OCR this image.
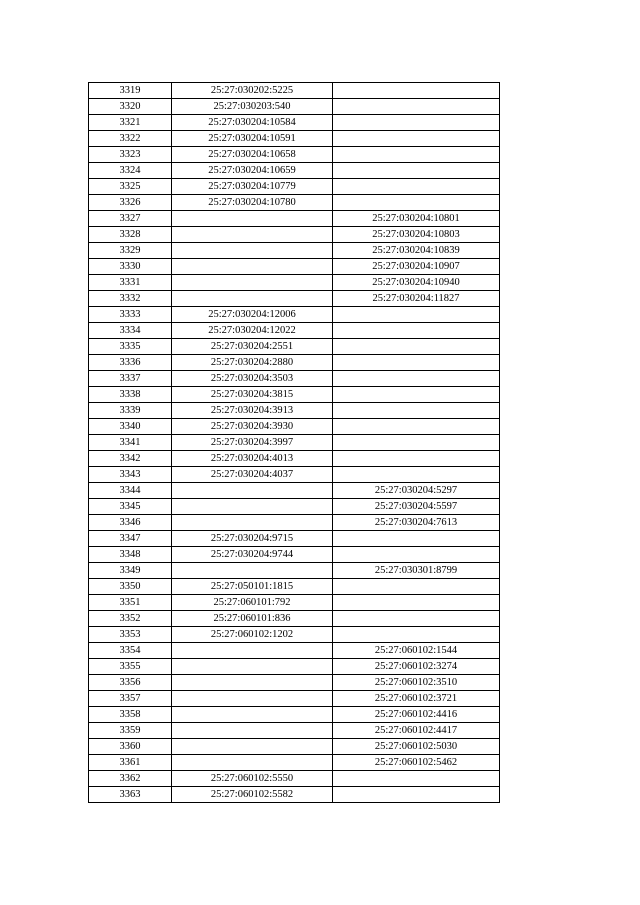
3319	25:27:030202:5225	
3320	25:27:030203:540	
3321	25:27:030204:10584	
3322	25:27:030204:10591	
3323	25:27:030204:10658	
3324	25:27:030204:10659	
3325	25:27:030204:10779	
3326	25:27:030204:10780	
3327		25:27:030204:10801
3328		25:27:030204:10803
3329		25:27:030204:10839
3330		25:27:030204:10907
3331		25:27:030204:10940
3332		25:27:030204:11827
3333	25:27:030204:12006	
3334	25:27:030204:12022	
3335	25:27:030204:2551	
3336	25:27:030204:2880	
3337	25:27:030204:3503	
3338	25:27:030204:3815	
3339	25:27:030204:3913	
3340	25:27:030204:3930	
3341	25:27:030204:3997	
3342	25:27:030204:4013	
3343	25:27:030204:4037	
3344		25:27:030204:5297
3345		25:27:030204:5597
3346		25:27:030204:7613
3347	25:27:030204:9715	
3348	25:27:030204:9744	
3349		25:27:030301:8799
3350	25:27:050101:1815	
3351	25:27:060101:792	
3352	25:27:060101:836	
3353	25:27:060102:1202	
3354		25:27:060102:1544
3355		25:27:060102:3274
3356		25:27:060102:3510
3357		25:27:060102:3721
3358		25:27:060102:4416
3359		25:27:060102:4417
3360		25:27:060102:5030
3361		25:27:060102:5462
3362	25:27:060102:5550	
3363	25:27:060102:5582	
